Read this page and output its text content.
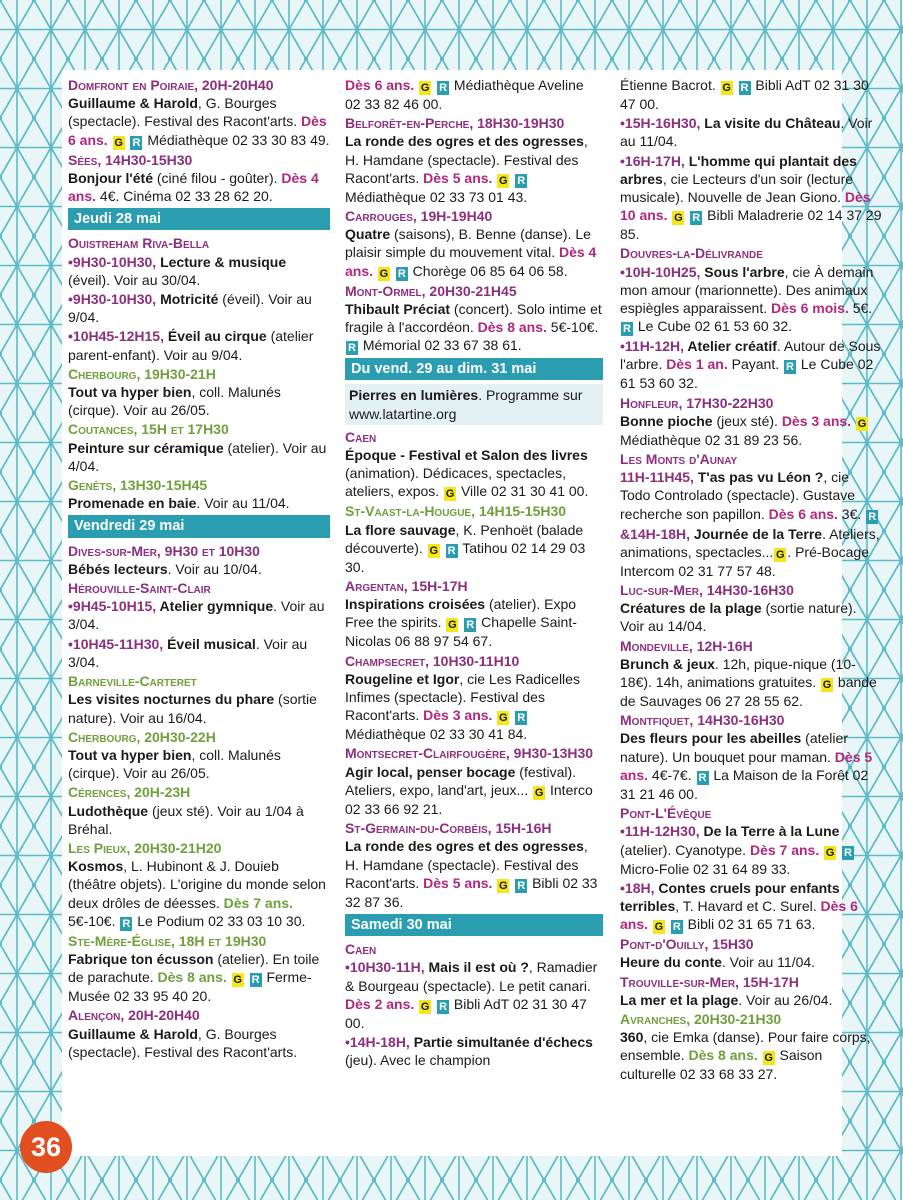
Domfront en Poiraie, 20H-20H40
Guillaume & Harold, G. Bourges (spectacle). Festival des Racont'arts. Dès 6 ans. G R Médiathèque 02 33 30 83 49.
Sées, 14H30-15H30
Bonjour l'été (ciné filou - goûter). Dès 4 ans. 4€. Cinéma 02 33 28 62 20.
Jeudi 28 mai
Ouistreham Riva-Bella
•9H30-10H30, Lecture & musique (éveil). Voir au 30/04.
•9H30-10H30, Motricité (éveil). Voir au 9/04.
•10H45-12H15, Éveil au cirque (atelier parent-enfant). Voir au 9/04.
Cherbourg, 19H30-21H
Tout va hyper bien, coll. Malunés (cirque). Voir au 26/05.
Coutances, 15H et 17H30
Peinture sur céramique (atelier). Voir au 4/04.
Genêts, 13H30-15H45
Promenade en baie. Voir au 11/04.
Vendredi 29 mai
Dives-sur-Mer, 9H30 et 10H30
Bébés lecteurs. Voir au 10/04.
Hérouville-Saint-Clair
•9H45-10H15, Atelier gymnique. Voir au 3/04.
•10H45-11H30, Éveil musical. Voir au 3/04.
Barneville-Carteret
Les visites nocturnes du phare (sortie nature). Voir au 16/04.
Cherbourg, 20H30-22H
Tout va hyper bien, coll. Malunés (cirque). Voir au 26/05.
Cérences, 20H-23H
Ludothèque (jeux sté). Voir au 1/04 à Bréhal.
Les Pieux, 20H30-21H20
Kosmos, L. Hubinont & J. Douieb (théâtre objets). L'origine du monde selon deux drôles de déesses. Dès 7 ans. 5€-10€. R Le Podium 02 33 03 10 30.
Ste-Mère-Église, 18H et 19H30
Fabrique ton écusson (atelier). En toile de parachute. Dès 8 ans. G R Ferme-Musée 02 33 95 40 20.
Alençon, 20H-20H40
Guillaume & Harold, G. Bourges (spectacle). Festival des Racont'arts.
Dès 6 ans. G R Médiathèque Aveline 02 33 82 46 00.
Belforêt-en-Perche, 18H30-19H30
La ronde des ogres et des ogresses, H. Hamdane (spectacle). Festival des Racont'arts. Dès 5 ans. G R Médiathèque 02 33 73 01 43.
Carrouges, 19H-19H40
Quatre (saisons), B. Benne (danse). Le plaisir simple du mouvement vital. Dès 4 ans. G R Chorège 06 85 64 06 58.
Mont-Ormel, 20H30-21H45
Thibault Préciat (concert). Solo intime et fragile à l'accordéon. Dès 8 ans. 5€-10€. R Mémorial 02 33 67 38 61.
Du vend. 29 au dim. 31 mai
Pierres en lumières. Programme sur www.latartine.org
Caen
Époque - Festival et Salon des livres (animation). Dédicaces, spectacles, ateliers, expos. G Ville 02 31 30 41 00.
St-Vaast-la-Hougue, 14H15-15H30
La flore sauvage, K. Penhoët (balade découverte). G R Tatihou 02 14 29 03 30.
Argentan, 15H-17H
Inspirations croisées (atelier). Expo Free the spirits. G R Chapelle Saint-Nicolas 06 88 97 54 67.
Champsecret, 10H30-11H10
Rougeline et Igor, cie Les Radicelles Infimes (spectacle). Festival des Racont'arts. Dès 3 ans. G R Médiathèque 02 33 30 41 84.
Montsecret-Clairfougère, 9H30-13H30
Agir local, penser bocage (festival). Ateliers, expo, land'art, jeux... G Interco 02 33 66 92 21.
St-Germain-du-Corbéis, 15H-16H
La ronde des ogres et des ogresses, H. Hamdane (spectacle). Festival des Racont'arts. Dès 5 ans. G R Bibli 02 33 32 87 36.
Samedi 30 mai
Caen
•10H30-11H, Mais il est où ?, Ramadier & Bourgeau (spectacle). Le petit canari. Dès 2 ans. G R Bibli AdT 02 31 30 47 00.
•14H-18H, Partie simultanée d'échecs (jeu). Avec le champion
Étienne Bacrot. G R Bibli AdT 02 31 30 47 00.
•15H-16H30, La visite du Château. Voir au 11/04.
•16H-17H, L'homme qui plantait des arbres, cie Lecteurs d'un soir (lecture musicale). Nouvelle de Jean Giono. Dès 10 ans. G R Bibli Maladrerie 02 14 37 29 85.
Douvres-la-Délivrande
•10H-10H25, Sous l'arbre, cie À demain mon amour (marionnette). Des animaux espiègles apparaissent. Dès 6 mois. 5€. R Le Cube 02 61 53 60 32.
•11H-12H, Atelier créatif. Autour de Sous l'arbre. Dès 1 an. Payant. R Le Cube 02 61 53 60 32.
Honfleur, 17H30-22H30
Bonne pioche (jeux sté). Dès 3 ans. G Médiathèque 02 31 89 23 56.
Les Monts d'Aunay
11H-11H45, T'as pas vu Léon ?, cie Todo Controlado (spectacle). Gustave recherche son papillon. Dès 6 ans. 3€. R
&14H-18H, Journée de la Terre. Ateliers, animations, spectacles... G . Pré-Bocage Intercom 02 31 77 57 48.
Luc-sur-Mer, 14H30-16H30
Créatures de la plage (sortie nature). Voir au 14/04.
Mondeville, 12H-16H
Brunch & jeux. 12h, pique-nique (10-18€). 14h, animations gratuites. G bande de Sauvages 06 27 28 55 62.
Montfiquet, 14H30-16H30
Des fleurs pour les abeilles (atelier nature). Un bouquet pour maman. Dès 5 ans. 4€-7€. R La Maison de la Forêt 02 31 21 46 00.
Pont-L'Évêque
•11H-12H30, De la Terre à la Lune (atelier). Cyanotype. Dès 7 ans. G R Micro-Folie 02 31 64 89 33.
•18H, Contes cruels pour enfants terribles, T. Havard et C. Surel. Dès 6 ans. G R Bibli 02 31 65 71 63.
Pont-d'Ouilly, 15H30
Heure du conte. Voir au 11/04.
Trouville-sur-Mer, 15H-17H
La mer et la plage. Voir au 26/04.
Avranches, 20H30-21H30
360, cie Emka (danse). Pour faire corps, ensemble. Dès 8 ans. G Saison culturelle 02 33 68 33 27.
36
